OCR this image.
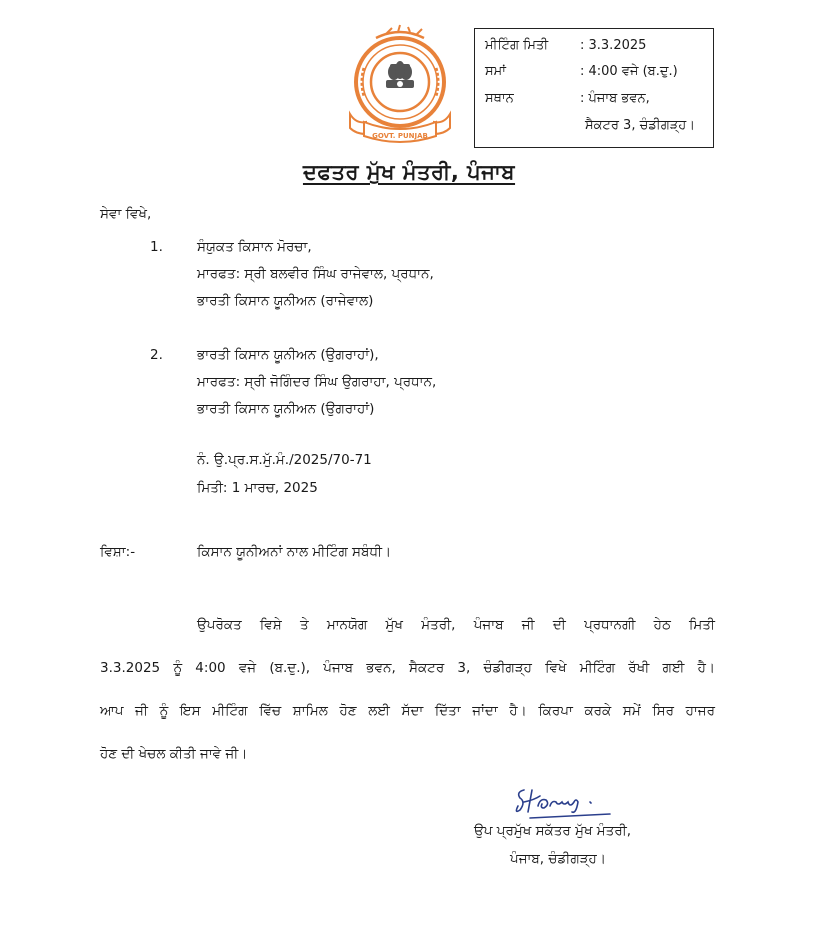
GOVT. PUNJAB
ਮੀਟਿੰਗ ਮਿਤੀ : 3.3.2025
ਸਮਾਂ	: 4:00 ਵਜੇ (ਬ.ਦੁ.)
ਸਥਾਨ	: ਪੰਜਾਬ ਭਵਨ,
ਸੈਕਟਰ 3, ਚੰਡੀਗੜ੍ਹ।
ਦਫਤਰ ਮੁੱਖ ਮੰਤਰੀ, ਪੰਜਾਬ
ਸੇਵਾ ਵਿਖੇ,
1.	ਸੰਯੁਕਤ ਕਿਸਾਨ ਮੋਰਚਾ,
ਮਾਰਫਤ: ਸ੍ਰੀ ਬਲਵੀਰ ਸਿੰਘ ਰਾਜੇਵਾਲ, ਪ੍ਰਧਾਨ,
ਭਾਰਤੀ ਕਿਸਾਨ ਯੂਨੀਅਨ (ਰਾਜੇਵਾਲ)
2.	ਭਾਰਤੀ ਕਿਸਾਨ ਯੂਨੀਅਨ (ਉਗਰਾਹਾਂ),
ਮਾਰਫਤ: ਸ੍ਰੀ ਜੋਗਿੰਦਰ ਸਿੰਘ ਉਗਰਾਹਾ, ਪ੍ਰਧਾਨ,
ਭਾਰਤੀ ਕਿਸਾਨ ਯੂਨੀਅਨ (ਉਗਰਾਹਾਂ)
ਨੰ. ਉ.ਪ੍ਰ.ਸ.ਮੁੱ.ਮੰ./2025/70-71
ਮਿਤੀ: 1 ਮਾਰਚ, 2025
ਵਿਸ਼ਾ:-	ਕਿਸਾਨ ਯੂਨੀਅਨਾਂ ਨਾਲ ਮੀਟਿੰਗ ਸਬੰਧੀ।
ਉਪਰੋਕਤ ਵਿਸ਼ੇ ਤੇ ਮਾਨਯੋਗ ਮੁੱਖ ਮੰਤਰੀ, ਪੰਜਾਬ ਜੀ ਦੀ ਪ੍ਰਧਾਨਗੀ ਹੇਠ ਮਿਤੀ
3.3.2025 ਨੂੰ 4:00 ਵਜੇ (ਬ.ਦੁ.), ਪੰਜਾਬ ਭਵਨ, ਸੈਕਟਰ 3, ਚੰਡੀਗੜ੍ਹ ਵਿਖੇ ਮੀਟਿੰਗ ਰੱਖੀ ਗਈ ਹੈ।
ਆਪ ਜੀ ਨੂੰ ਇਸ ਮੀਟਿੰਗ ਵਿੱਚ ਸ਼ਾਮਿਲ ਹੋਣ ਲਈ ਸੱਦਾ ਦਿੱਤਾ ਜਾਂਦਾ ਹੈ। ਕਿਰਪਾ ਕਰਕੇ ਸਮੇਂ ਸਿਰ ਹਾਜਰ
ਹੋਣ ਦੀ ਖੇਚਲ ਕੀਤੀ ਜਾਵੇ ਜੀ।
ਉਪ ਪ੍ਰਮੁੱਖ ਸਕੱਤਰ ਮੁੱਖ ਮੰਤਰੀ,
ਪੰਜਾਬ, ਚੰਡੀਗੜ੍ਹ।
